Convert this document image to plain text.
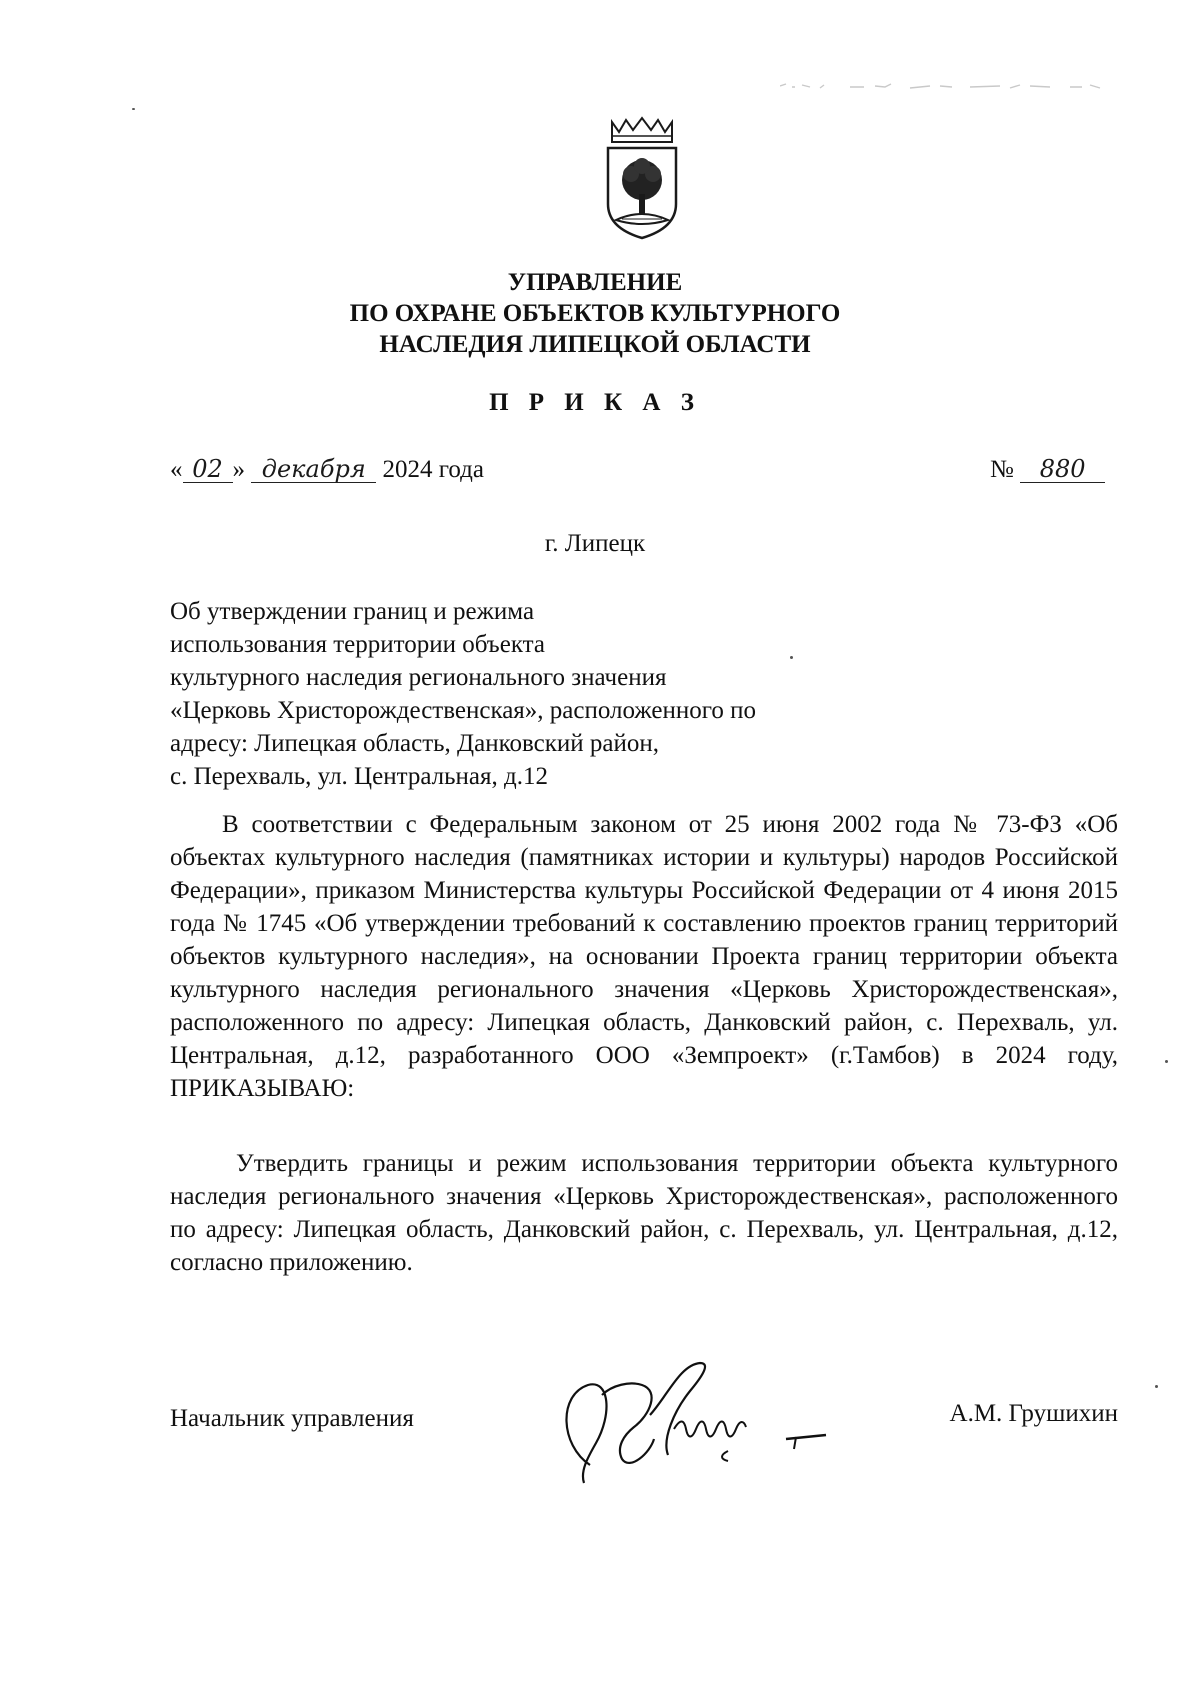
УПРАВЛЕНИЕ
ПО ОХРАНЕ ОБЪЕКТОВ КУЛЬТУРНОГО
НАСЛЕДИЯ ЛИПЕЦКОЙ ОБЛАСТИ
П Р И К А З
« 02 » декабря 2024 года	№ 880
г. Липецк
Об утверждении границ и режима
использования территории объекта
культурного наследия регионального значения
«Церковь Христорождественская», расположенного по
адресу: Липецкая область, Данковский район,
с. Перехваль, ул. Центральная, д.12
В соответствии с Федеральным законом от 25 июня 2002 года № 73-ФЗ «Об объектах культурного наследия (памятниках истории и культуры) народов Российской Федерации», приказом Министерства культуры Российской Федерации от 4 июня 2015 года № 1745 «Об утверждении требований к составлению проектов границ территорий объектов культурного наследия», на основании Проекта границ территории объекта культурного наследия регионального значения «Церковь Христорождественская», расположенного по адресу: Липецкая область, Данковский район, с. Перехваль, ул. Центральная, д.12, разработанного ООО «Земпроект» (г.Тамбов) в 2024 году, ПРИКАЗЫВАЮ:
Утвердить границы и режим использования территории объекта культурного наследия регионального значения «Церковь Христорождественская», расположенного по адресу: Липецкая область, Данковский район, с. Перехваль, ул. Центральная, д.12, согласно приложению.
Начальник управления	А.М. Грушихин
